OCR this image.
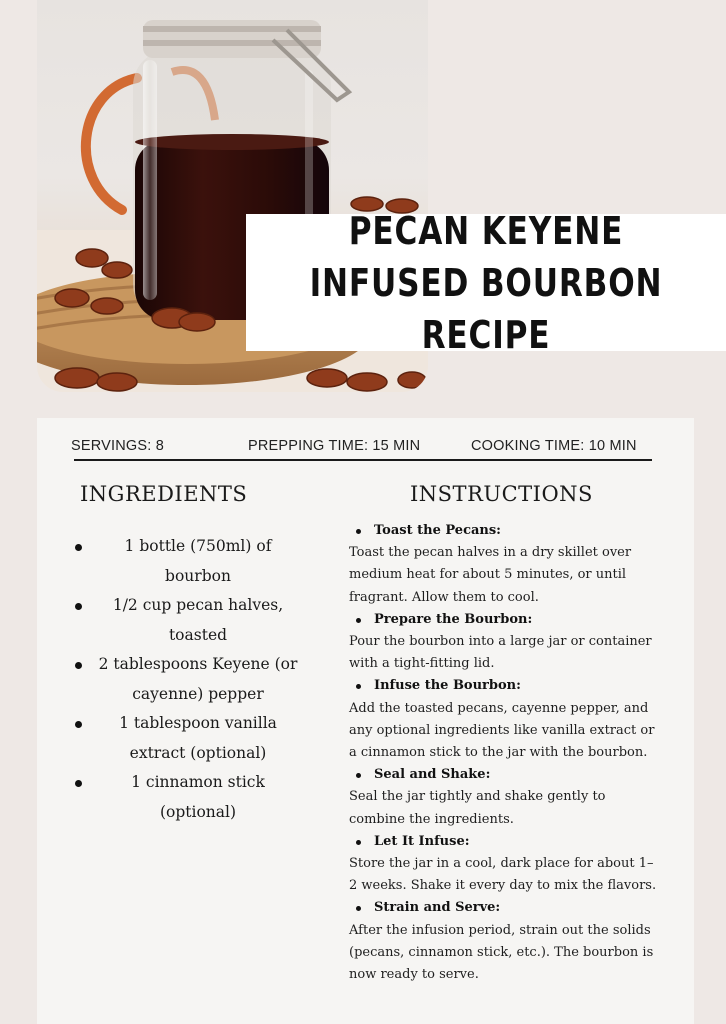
PECAN KEYENE INFUSED BOURBON RECIPE
SERVINGS: 8	PREPPING TIME: 15 MIN	COOKING TIME: 10 MIN
INGREDIENTS	INSTRUCTIONS
1 bottle (750ml) of bourbon
1/2 cup pecan halves, toasted
2 tablespoons Keyene (or cayenne) pepper
1 tablespoon vanilla extract (optional)
1 cinnamon stick (optional)
Toast the Pecans:

Toast the pecan halves in a dry skillet over medium heat for about 5 minutes, or until fragrant. Allow them to cool.

Prepare the Bourbon:

Pour the bourbon into a large jar or container with a tight-fitting lid.

Infuse the Bourbon:

Add the toasted pecans, cayenne pepper, and any optional ingredients like vanilla extract or a cinnamon stick to the jar with the bourbon.

Seal and Shake:

Seal the jar tightly and shake gently to combine the ingredients.

Let It Infuse:

Store the jar in a cool, dark place for about 1–2 weeks. Shake it every day to mix the flavors.

Strain and Serve:

After the infusion period, strain out the solids (pecans, cinnamon stick, etc.). The bourbon is now ready to serve.
